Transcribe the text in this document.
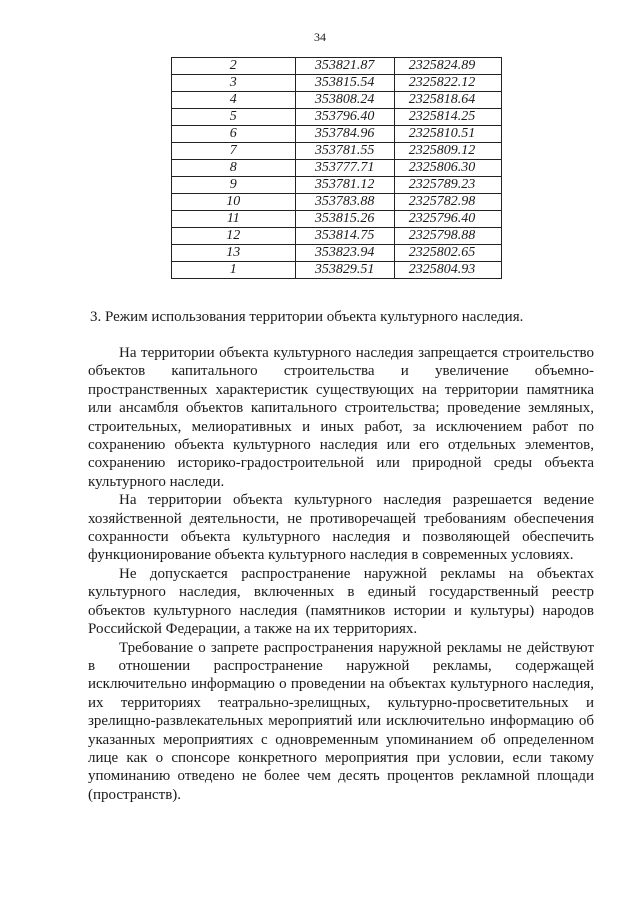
34
2	353821.87	2325824.89
3	353815.54	2325822.12
4	353808.24	2325818.64
5	353796.40	2325814.25
6	353784.96	2325810.51
7	353781.55	2325809.12
8	353777.71	2325806.30
9	353781.12	2325789.23
10	353783.88	2325782.98
11	353815.26	2325796.40
12	353814.75	2325798.88
13	353823.94	2325802.65
1	353829.51	2325804.93
3. Режим использования территории объекта культурного наследия.

На территории объекта культурного наследия запрещается строительство объектов капитального строительства и увеличение объемно-пространственных характеристик существующих на территории памятника или ансамбля объектов капитального строительства; проведение земляных, строительных, мелиоративных и иных работ, за исключением работ по сохранению объекта культурного наследия или его отдельных элементов, сохранению историко-градостроительной или природной среды объекта культурного наследи.

На территории объекта культурного наследия разрешается ведение хозяйственной деятельности, не противоречащей требованиям обеспечения сохранности объекта культурного наследия и позволяющей обеспечить функционирование объекта культурного наследия в современных условиях.

Не допускается распространение наружной рекламы на объектах культурного наследия, включенных в единый государственный реестр объектов культурного наследия (памятников истории и культуры) народов Российской Федерации, а также на их территориях.

Требование о запрете распространения наружной рекламы не действуют в отношении распространение наружной рекламы, содержащей исключительно информацию о проведении на объектах культурного наследия, их территориях театрально-зрелищных, культурно-просветительных и зрелищно-развлекательных мероприятий или исключительно информацию об указанных мероприятиях с одновременным упоминанием об определенном лице как о спонсоре конкретного мероприятия при условии, если такому упоминанию отведено не более чем десять процентов рекламной площади (пространств).
